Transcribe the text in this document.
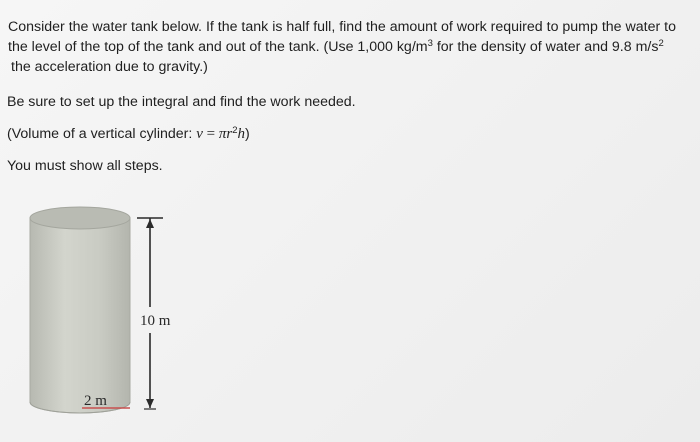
Consider the water tank below. If the tank is half full, find the amount of work required to pump the water to
the level of the top of the tank and out of the tank. (Use 1,000 $kg/m^3$ for the density of water and 9.8 $m/s^2$
the acceleration due to gravity.)
Be sure to set up the integral and find the work needed.
(Volume of a vertical cylinder: $v = \pi r^2h$)
You must show all steps.
10 m
2 m
